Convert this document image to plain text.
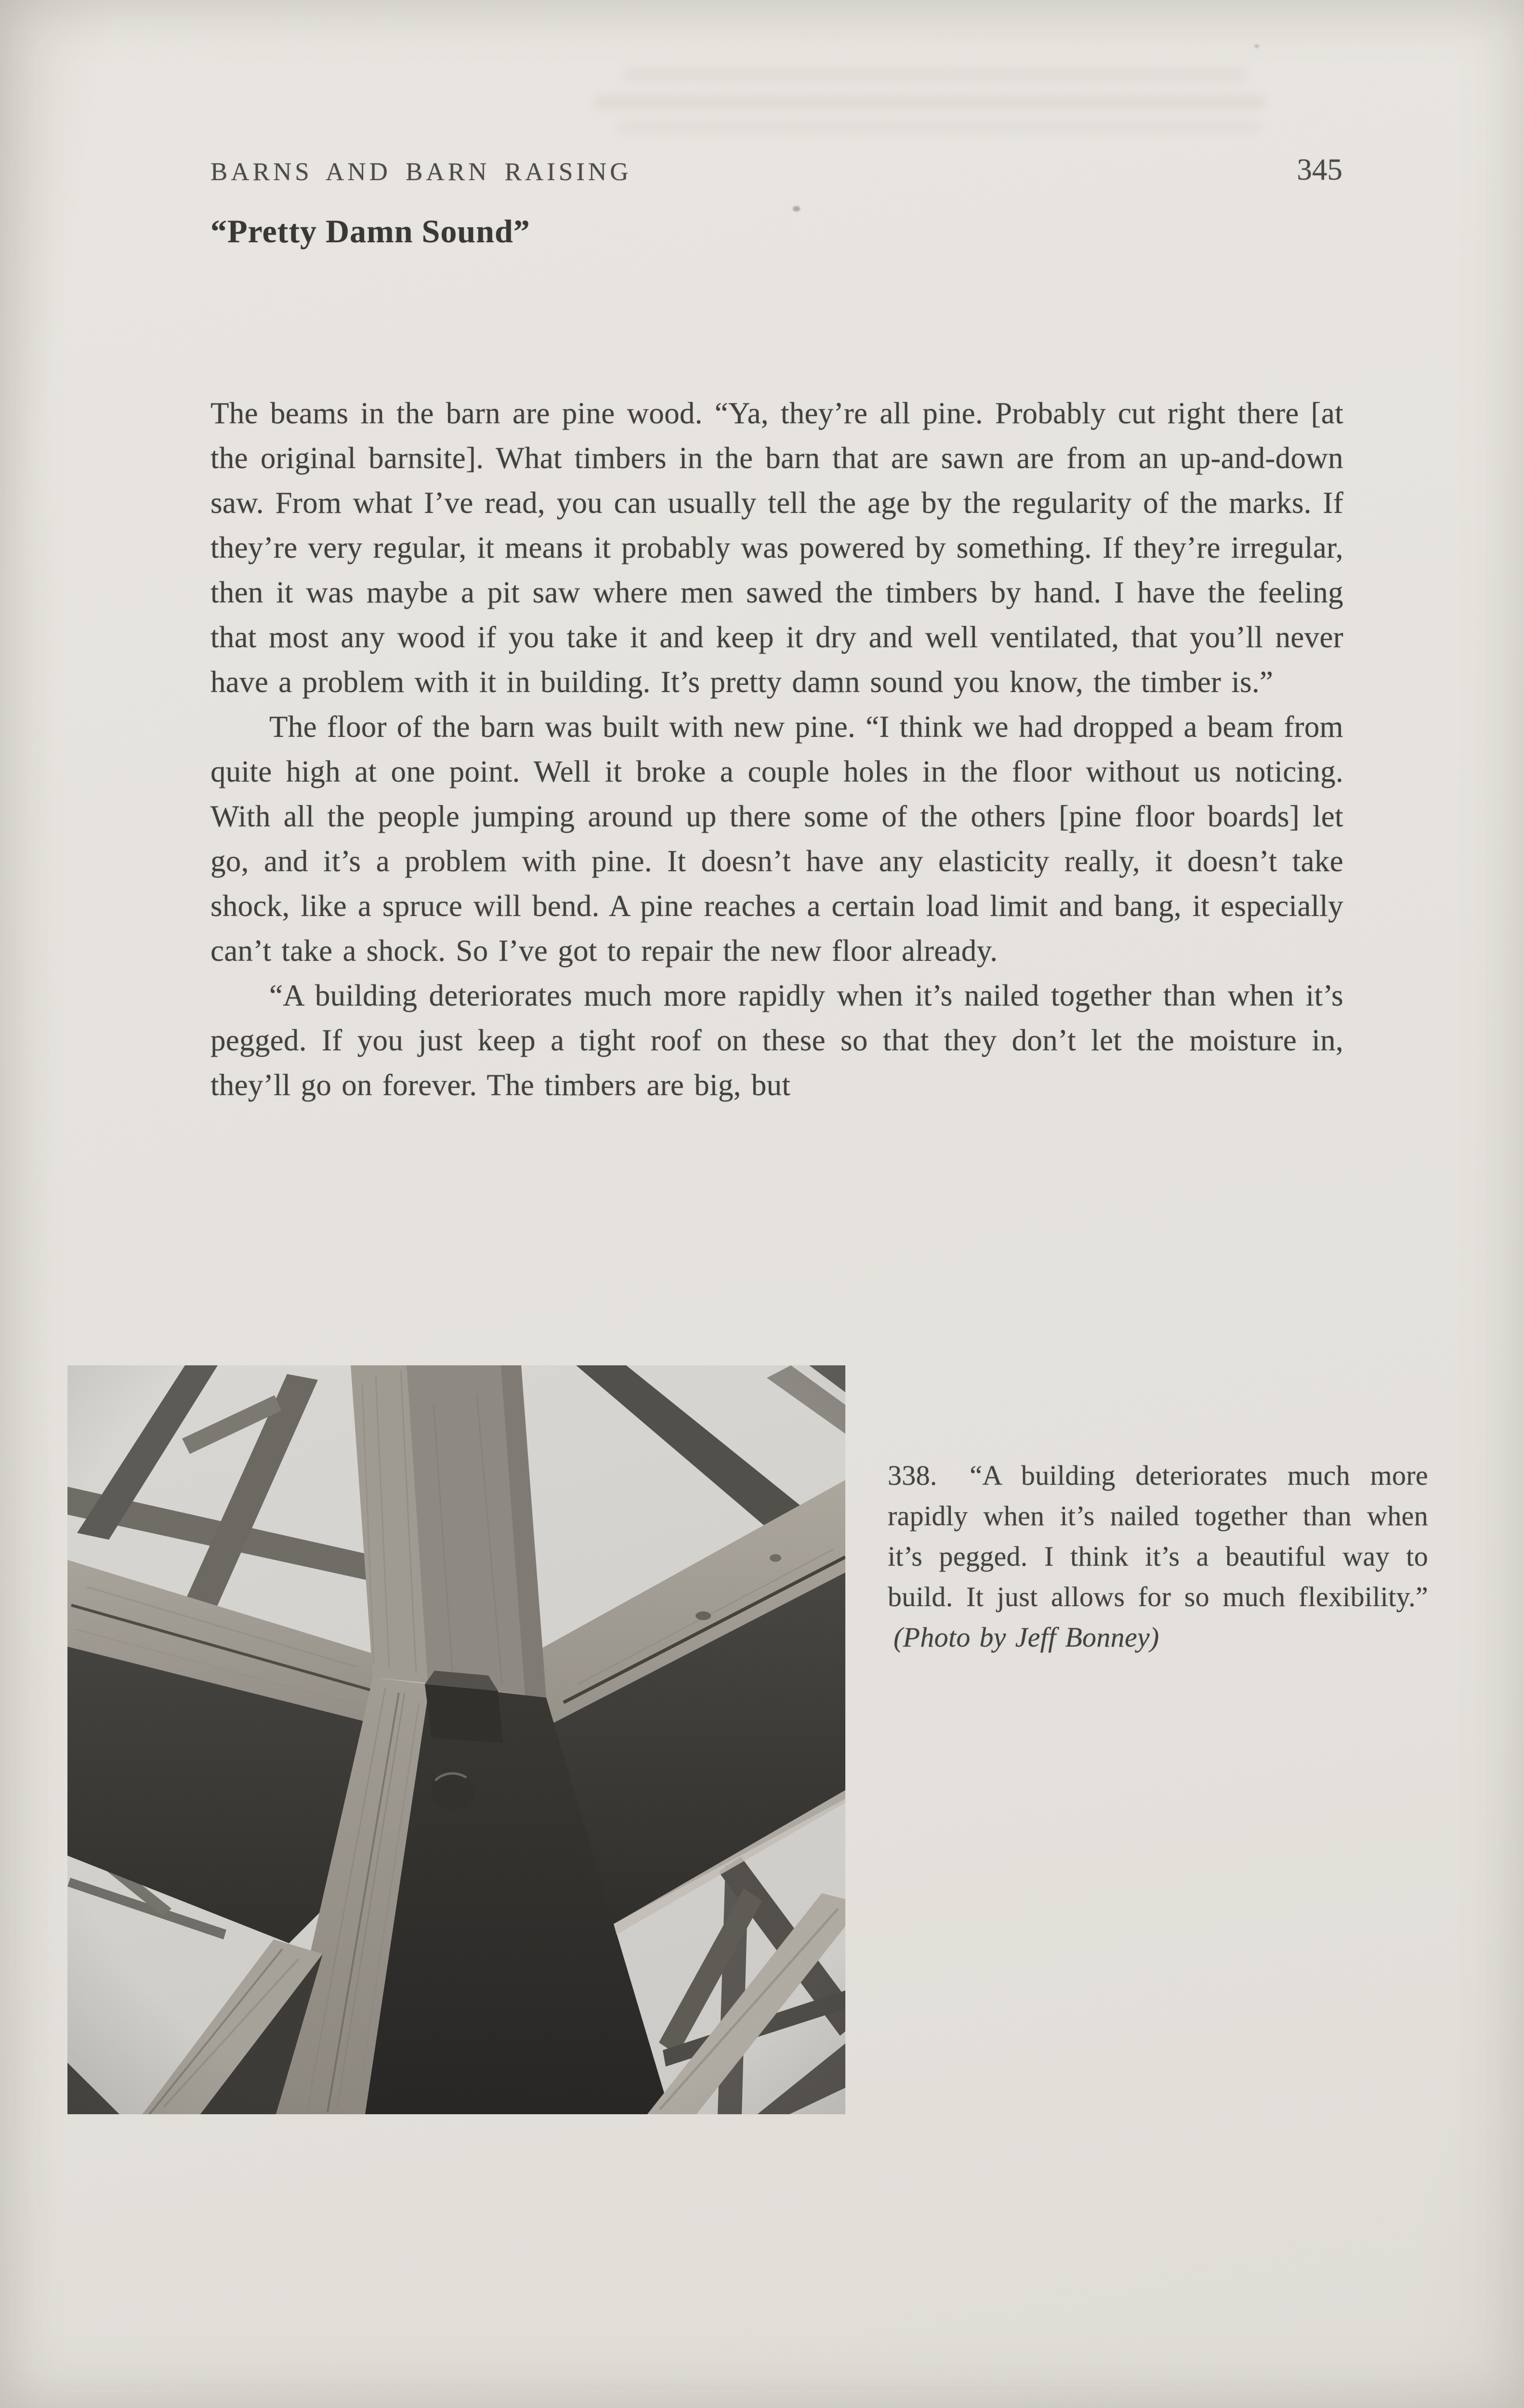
BARNS AND BARN RAISING	345
“Pretty Damn Sound”

The beams in the barn are pine wood. “Ya, they’re all pine. Probably cut right there [at the original barnsite]. What timbers in the barn that are sawn are from an up-and-down saw. From what I’ve read, you can usually tell the age by the regularity of the marks. If they’re very regular, it means it probably was powered by something. If they’re irregular, then it was maybe a pit saw where men sawed the timbers by hand. I have the feeling that most any wood if you take it and keep it dry and well ventilated, that you’ll never have a problem with it in building. It’s pretty damn sound you know, the timber is.”

The floor of the barn was built with new pine. “I think we had dropped a beam from quite high at one point. Well it broke a couple holes in the floor without us noticing. With all the people jumping around up there some of the others [pine floor boards] let go, and it’s a problem with pine. It doesn’t have any elasticity really, it doesn’t take shock, like a spruce will bend. A pine reaches a certain load limit and bang, it especially can’t take a shock. So I’ve got to repair the new floor already.

“A building deteriorates much more rapidly when it’s nailed together than when it’s pegged. If you just keep a tight roof on these so that they don’t let the moisture in, they’ll go on forever. The timbers are big, but

338. “A building deteriorates much more rapidly when it’s nailed together than when it’s pegged. I think it’s a beautiful way to build. It just allows for so much flexibility.” (Photo by Jeff Bonney)
